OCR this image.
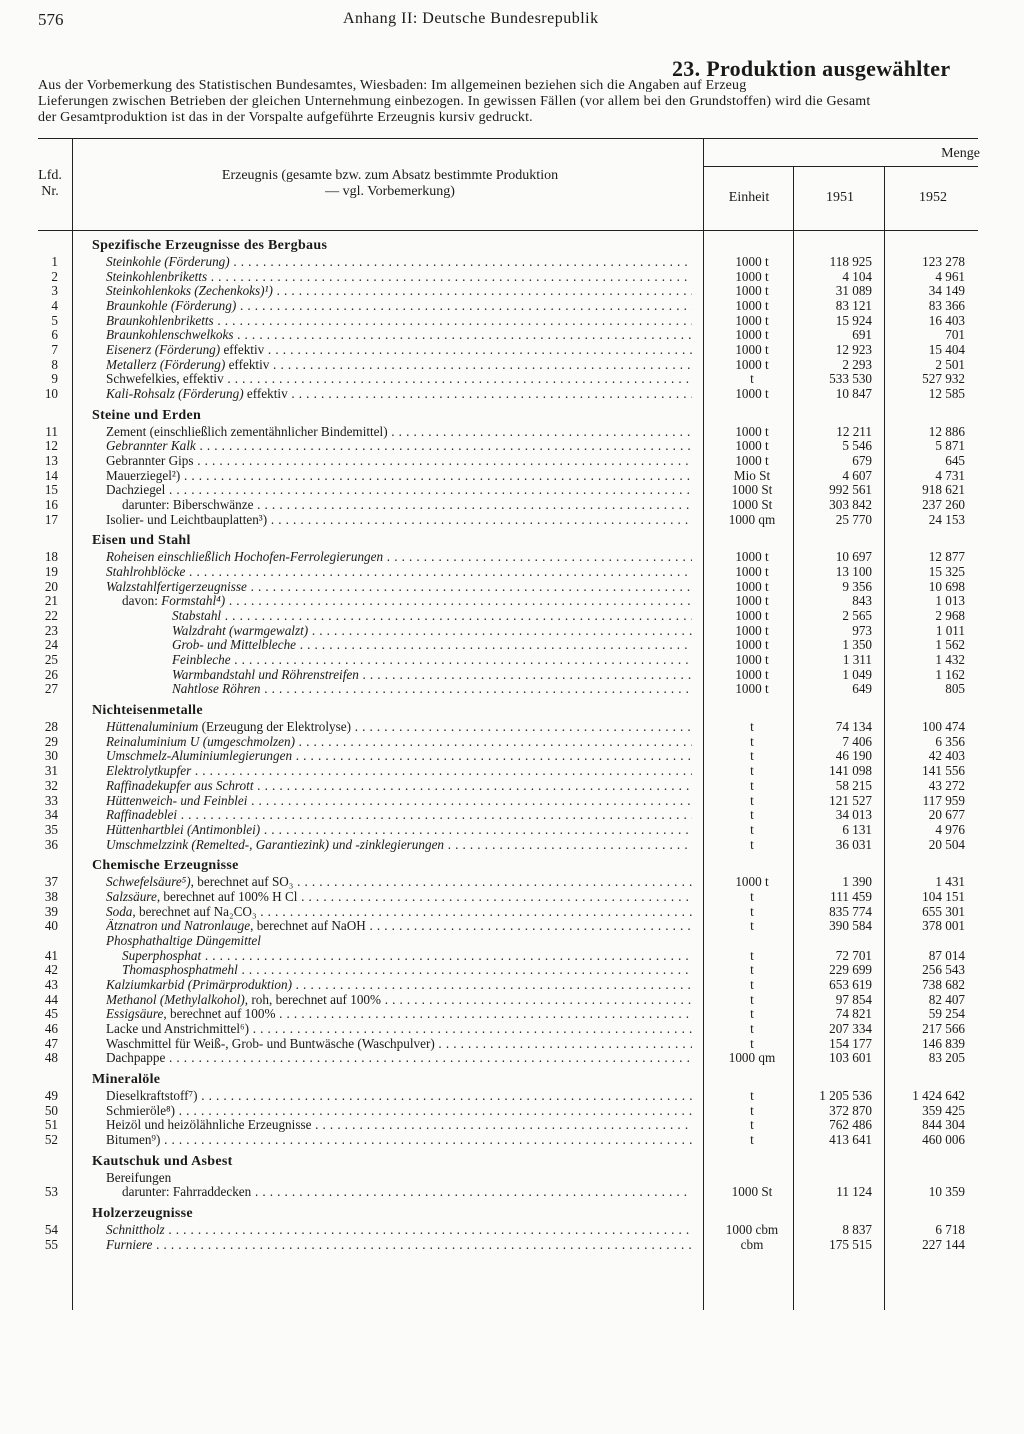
576	Anhang II: Deutsche Bundesrepublik
23. Produktion ausgewählter
Aus der Vorbemerkung des Statistischen Bundesamtes, Wiesbaden: Im allgemeinen beziehen sich die Angaben auf Erzeug
Lieferungen zwischen Betrieben der gleichen Unternehmung einbezogen. In gewissen Fällen (vor allem bei den Grundstoffen) wird die Gesamt
der Gesamtproduktion ist das in der Vorspalte aufgeführte Erzeugnis kursiv gedruckt.
Lfd.
Nr.
Erzeugnis (gesamte bzw. zum Absatz bestimmte Produktion
— vgl. Vorbemerkung)
Menge
Einheit	1951	1952
Spezifische Erzeugnisse des Bergbaus
1	Steinkohle (Förderung) . . .	1000 t	118 925	123 278
2	Steinkohlenbriketts . . .	1000 t	4 104	4 961
3	Steinkohlenkoks (Zechenkoks)¹) . . .	1000 t	31 089	34 149
4	Braunkohle (Förderung) . . .	1000 t	83 121	83 366
5	Braunkohlenbriketts . . .	1000 t	15 924	16 403
6	Braunkohlenschwelkoks . . .	1000 t	691	701
7	Eisenerz (Förderung) effektiv . . .	1000 t	12 923	15 404
8	Metallerz (Förderung) effektiv . . .	1000 t	2 293	2 501
9	Schwefelkies, effektiv . . .	t	533 530	527 932
10	Kali-Rohsalz (Förderung) effektiv . . .	1000 t	10 847	12 585
Steine und Erden
11	Zement (einschließlich zementähnlicher Bindemittel) . . .	1000 t	12 211	12 886
12	Gebrannter Kalk . . .	1000 t	5 546	5 871
13	Gebrannter Gips . . .	1000 t	679	645
14	Mauerziegel²) . . .	Mio St	4 607	4 731
15	Dachziegel . . .	1000 St	992 561	918 621
16	darunter: Biberschwänze . . .	1000 St	303 842	237 260
17	Isolier- und Leichtbauplatten³) . . .	1000 qm	25 770	24 153
Eisen und Stahl
18	Roheisen einschließlich Hochofen-Ferrolegierungen . . .	1000 t	10 697	12 877
19	Stahlrohblöcke . . .	1000 t	13 100	15 325
20	Walzstahlfertigerzeugnisse . . .	1000 t	9 356	10 698
21	davon: Formstahl⁴) . . .	1000 t	843	1 013
22	Stabstahl . . .	1000 t	2 565	2 968
23	Walzdraht (warmgewalzt) . . .	1000 t	973	1 011
24	Grob- und Mittelbleche . . .	1000 t	1 350	1 562
25	Feinbleche . . .	1000 t	1 311	1 432
26	Warmbandstahl und Röhrenstreifen . . .	1000 t	1 049	1 162
27	Nahtlose Röhren . . .	1000 t	649	805
Nichteisenmetalle
28	Hüttenaluminium (Erzeugung der Elektrolyse) . . .	t	74 134	100 474
29	Reinaluminium U (umgeschmolzen) . . .	t	7 406	6 356
30	Umschmelz-Aluminiumlegierungen . . .	t	46 190	42 403
31	Elektrolytkupfer . . .	t	141 098	141 556
32	Raffinadekupfer aus Schrott . . .	t	58 215	43 272
33	Hüttenweich- und Feinblei . . .	t	121 527	117 959
34	Raffinadeblei . . .	t	34 013	20 677
35	Hüttenhartblei (Antimonblei) . . .	t	6 131	4 976
36	Umschmelzzink (Remelted-, Garantiezink) und -zinklegierungen . . .	t	36 031	20 504
Chemische Erzeugnisse
37	Schwefelsäure⁵), berechnet auf SO₃ . . .	1000 t	1 390	1 431
38	Salzsäure, berechnet auf 100% H Cl . . .	t	111 459	104 151
39	Soda, berechnet auf Na₂CO₃ . . .	t	835 774	655 301
40	Ätznatron und Natronlauge, berechnet auf NaOH . . .	t	390 584	378 001
Phosphathaltige Düngemittel
41	Superphosphat . . .	t	72 701	87 014
42	Thomasphosphatmehl . . .	t	229 699	256 543
43	Kalziumkarbid (Primärproduktion) . . .	t	653 619	738 682
44	Methanol (Methylalkohol), roh, berechnet auf 100% . . .	t	97 854	82 407
45	Essigsäure, berechnet auf 100% . . .	t	74 821	59 254
46	Lacke und Anstrichmittel⁶) . . .	t	207 334	217 566
47	Waschmittel für Weiß-, Grob- und Buntwäsche (Waschpulver) . . .	t	154 177	146 839
48	Dachpappe . . .	1000 qm	103 601	83 205
Mineralöle
49	Dieselkraftstoff⁷) . . .	t	1 205 536	1 424 642
50	Schmieröle⁸) . . .	t	372 870	359 425
51	Heizöl und heizölähnliche Erzeugnisse . . .	t	762 486	844 304
52	Bitumen⁹) . . .	t	413 641	460 006
Kautschuk und Asbest
Bereifungen
53	darunter: Fahrraddecken . . .	1000 St	11 124	10 359
Holzerzeugnisse
54	Schnittholz . . .	1000 cbm	8 837	6 718
55	Furniere . . .	cbm	175 515	227 144
